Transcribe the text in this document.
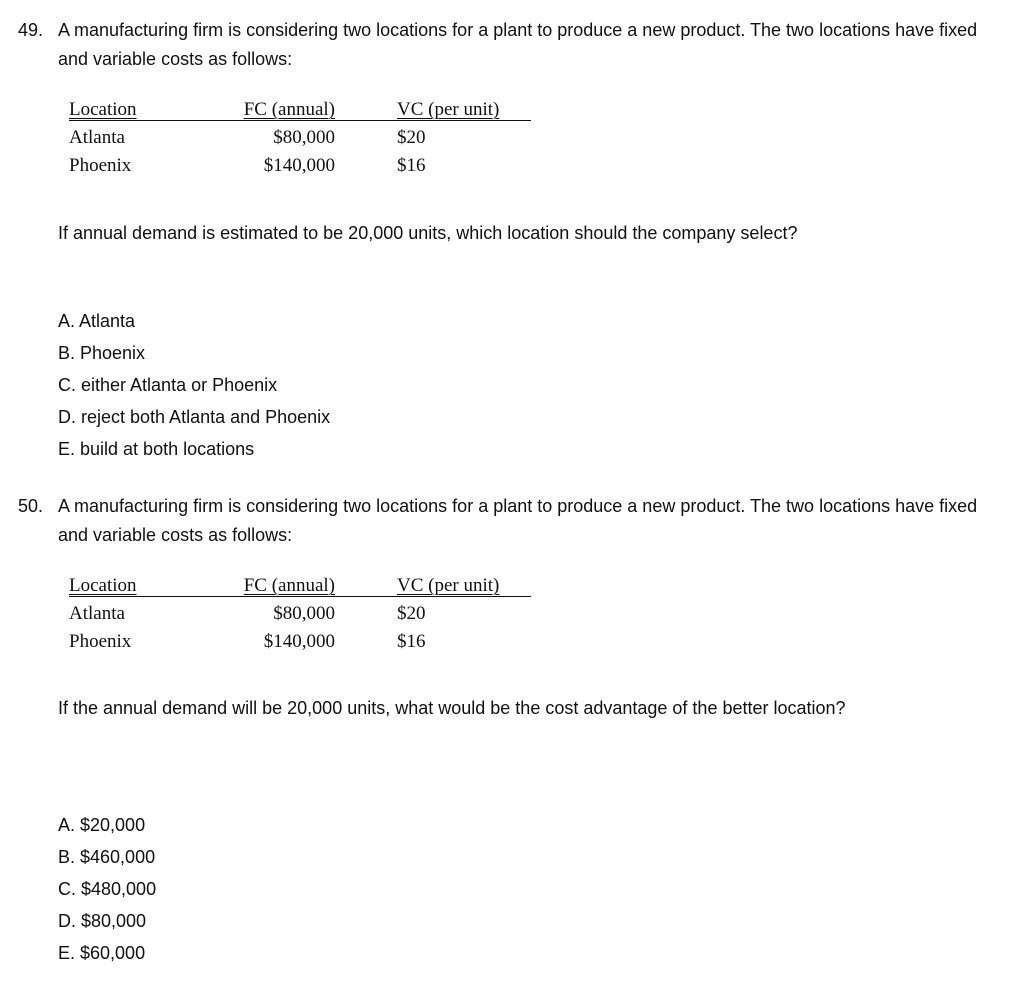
49. A manufacturing firm is considering two locations for a plant to produce a new product. The two locations have fixed and variable costs as follows:

Location
Atlanta
Phoenix
FC (annual)
$80,000
$140,000
VC (per unit)
$20
$16

If annual demand is estimated to be 20,000 units, which location should the company select?

A. Atlanta
B. Phoenix
C. either Atlanta or Phoenix
D. reject both Atlanta and Phoenix
E. build at both locations

50. A manufacturing firm is considering two locations for a plant to produce a new product. The two locations have fixed and variable costs as follows:

Location
Atlanta
Phoenix
FC (annual)
$80,000
$140,000
VC (per unit)
$20
$16

If the annual demand will be 20,000 units, what would be the cost advantage of the better location?

A. $20,000
B. $460,000
C. $480,000
D. $80,000
E. $60,000
